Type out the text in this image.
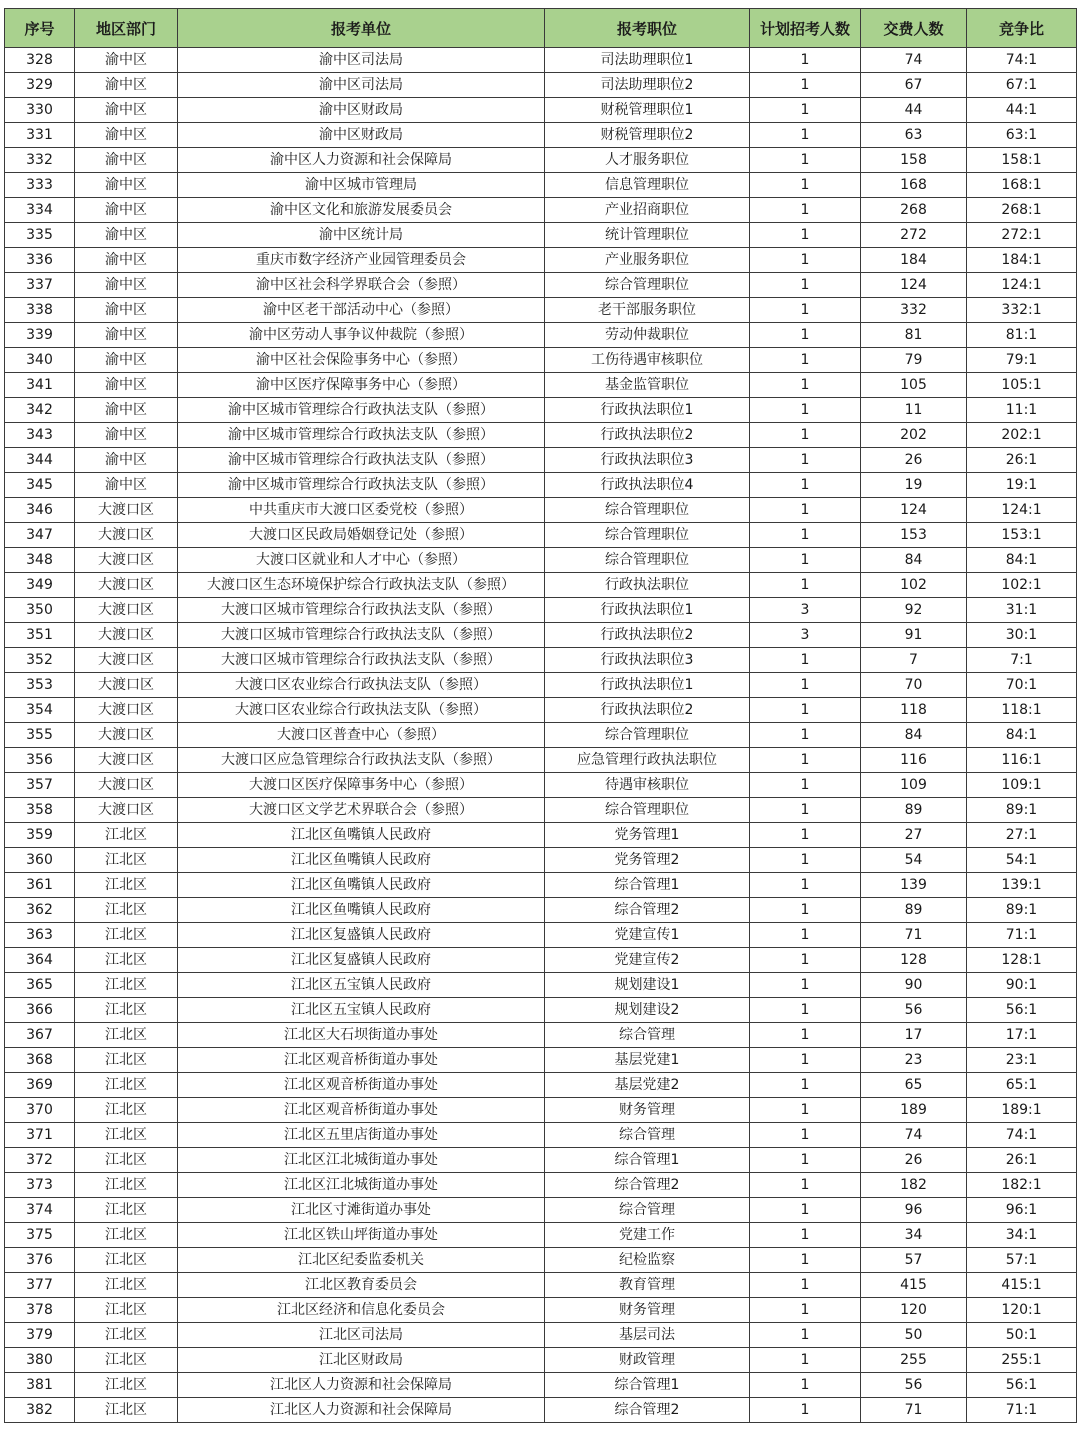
序号	地区部门	报考单位	报考职位	计划招考人数	交费人数	竞争比
328	渝中区	渝中区司法局	司法助理职位1	1	74	74:1
329	渝中区	渝中区司法局	司法助理职位2	1	67	67:1
330	渝中区	渝中区财政局	财税管理职位1	1	44	44:1
331	渝中区	渝中区财政局	财税管理职位2	1	63	63:1
332	渝中区	渝中区人力资源和社会保障局	人才服务职位	1	158	158:1
333	渝中区	渝中区城市管理局	信息管理职位	1	168	168:1
334	渝中区	渝中区文化和旅游发展委员会	产业招商职位	1	268	268:1
335	渝中区	渝中区统计局	统计管理职位	1	272	272:1
336	渝中区	重庆市数字经济产业园管理委员会	产业服务职位	1	184	184:1
337	渝中区	渝中区社会科学界联合会（参照）	综合管理职位	1	124	124:1
338	渝中区	渝中区老干部活动中心（参照）	老干部服务职位	1	332	332:1
339	渝中区	渝中区劳动人事争议仲裁院（参照）	劳动仲裁职位	1	81	81:1
340	渝中区	渝中区社会保险事务中心（参照）	工伤待遇审核职位	1	79	79:1
341	渝中区	渝中区医疗保障事务中心（参照）	基金监管职位	1	105	105:1
342	渝中区	渝中区城市管理综合行政执法支队（参照）	行政执法职位1	1	11	11:1
343	渝中区	渝中区城市管理综合行政执法支队（参照）	行政执法职位2	1	202	202:1
344	渝中区	渝中区城市管理综合行政执法支队（参照）	行政执法职位3	1	26	26:1
345	渝中区	渝中区城市管理综合行政执法支队（参照）	行政执法职位4	1	19	19:1
346	大渡口区	中共重庆市大渡口区委党校（参照）	综合管理职位	1	124	124:1
347	大渡口区	大渡口区民政局婚姻登记处（参照）	综合管理职位	1	153	153:1
348	大渡口区	大渡口区就业和人才中心（参照）	综合管理职位	1	84	84:1
349	大渡口区	大渡口区生态环境保护综合行政执法支队（参照）	行政执法职位	1	102	102:1
350	大渡口区	大渡口区城市管理综合行政执法支队（参照）	行政执法职位1	3	92	31:1
351	大渡口区	大渡口区城市管理综合行政执法支队（参照）	行政执法职位2	3	91	30:1
352	大渡口区	大渡口区城市管理综合行政执法支队（参照）	行政执法职位3	1	7	7:1
353	大渡口区	大渡口区农业综合行政执法支队（参照）	行政执法职位1	1	70	70:1
354	大渡口区	大渡口区农业综合行政执法支队（参照）	行政执法职位2	1	118	118:1
355	大渡口区	大渡口区普查中心（参照）	综合管理职位	1	84	84:1
356	大渡口区	大渡口区应急管理综合行政执法支队（参照）	应急管理行政执法职位	1	116	116:1
357	大渡口区	大渡口区医疗保障事务中心（参照）	待遇审核职位	1	109	109:1
358	大渡口区	大渡口区文学艺术界联合会（参照）	综合管理职位	1	89	89:1
359	江北区	江北区鱼嘴镇人民政府	党务管理1	1	27	27:1
360	江北区	江北区鱼嘴镇人民政府	党务管理2	1	54	54:1
361	江北区	江北区鱼嘴镇人民政府	综合管理1	1	139	139:1
362	江北区	江北区鱼嘴镇人民政府	综合管理2	1	89	89:1
363	江北区	江北区复盛镇人民政府	党建宣传1	1	71	71:1
364	江北区	江北区复盛镇人民政府	党建宣传2	1	128	128:1
365	江北区	江北区五宝镇人民政府	规划建设1	1	90	90:1
366	江北区	江北区五宝镇人民政府	规划建设2	1	56	56:1
367	江北区	江北区大石坝街道办事处	综合管理	1	17	17:1
368	江北区	江北区观音桥街道办事处	基层党建1	1	23	23:1
369	江北区	江北区观音桥街道办事处	基层党建2	1	65	65:1
370	江北区	江北区观音桥街道办事处	财务管理	1	189	189:1
371	江北区	江北区五里店街道办事处	综合管理	1	74	74:1
372	江北区	江北区江北城街道办事处	综合管理1	1	26	26:1
373	江北区	江北区江北城街道办事处	综合管理2	1	182	182:1
374	江北区	江北区寸滩街道办事处	综合管理	1	96	96:1
375	江北区	江北区铁山坪街道办事处	党建工作	1	34	34:1
376	江北区	江北区纪委监委机关	纪检监察	1	57	57:1
377	江北区	江北区教育委员会	教育管理	1	415	415:1
378	江北区	江北区经济和信息化委员会	财务管理	1	120	120:1
379	江北区	江北区司法局	基层司法	1	50	50:1
380	江北区	江北区财政局	财政管理	1	255	255:1
381	江北区	江北区人力资源和社会保障局	综合管理1	1	56	56:1
382	江北区	江北区人力资源和社会保障局	综合管理2	1	71	71:1
